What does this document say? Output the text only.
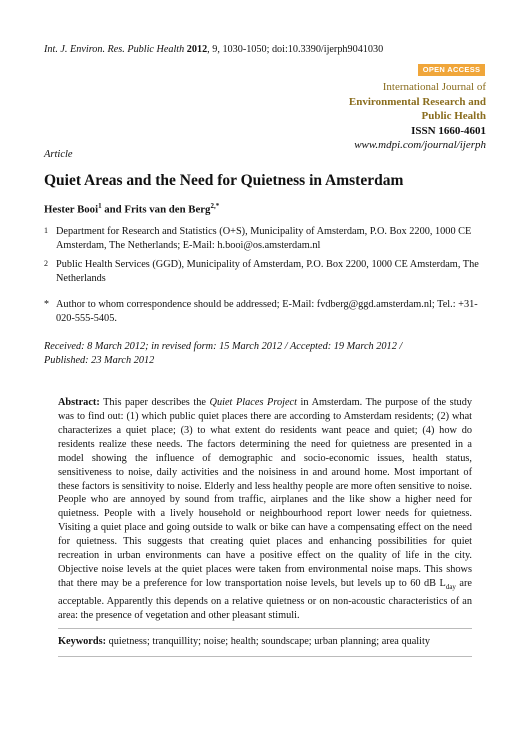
Int. J. Environ. Res. Public Health 2012, 9, 1030-1050; doi:10.3390/ijerph9041030
OPEN ACCESS
International Journal of
Environmental Research and
Public Health
ISSN 1660-4601
www.mdpi.com/journal/ijerph
Article
Quiet Areas and the Need for Quietness in Amsterdam
Hester Booi$^1$ and Frits van den Berg$^{2,*}$
1 Department for Research and Statistics (O+S), Municipality of Amsterdam, P.O. Box 2200, 1000 CE Amsterdam, The Netherlands; E-Mail: h.booi@os.amsterdam.nl
2 Public Health Services (GGD), Municipality of Amsterdam, P.O. Box 2200, 1000 CE Amsterdam, The Netherlands
* Author to whom correspondence should be addressed; E-Mail: fvdberg@ggd.amsterdam.nl; Tel.: +31-020-555-5405.
Received: 8 March 2012; in revised form: 15 March 2012 / Accepted: 19 March 2012 /
Published: 23 March 2012

Abstract: This paper describes the Quiet Places Project in Amsterdam. The purpose of the study was to find out: (1) which public quiet places there are according to Amsterdam residents; (2) what characterizes a quiet place; (3) to what extent do residents want peace and quiet; (4) how do residents realize these needs. The factors determining the need for quietness are presented in a model showing the influence of demographic and socio-economic issues, health status, sensitiveness to noise, daily activities and the noisiness in and around home. Most important of these factors is sensitivity to noise. Elderly and less healthy people are more often sensitive to noise. People who are annoyed by sound from traffic, airplanes and the like show a higher need for quietness. People with a lively household or neighbourhood report lower needs for quietness. Visiting a quiet place and going outside to walk or bike can have a compensating effect on the need for quietness. This suggests that creating quiet places and enhancing possibilities for quiet recreation in urban environments can have a positive effect on the quality of life in the city. Objective noise levels at the quiet places were taken from environmental noise maps. This shows that there may be a preference for low transportation noise levels, but levels up to 60 dB $L_{day}$ are acceptable. Apparently this depends on a relative quietness or on non-acoustic characteristics of an area: the presence of vegetation and other pleasant stimuli.

Keywords: quietness; tranquillity; noise; health; soundscape; urban planning; area quality
